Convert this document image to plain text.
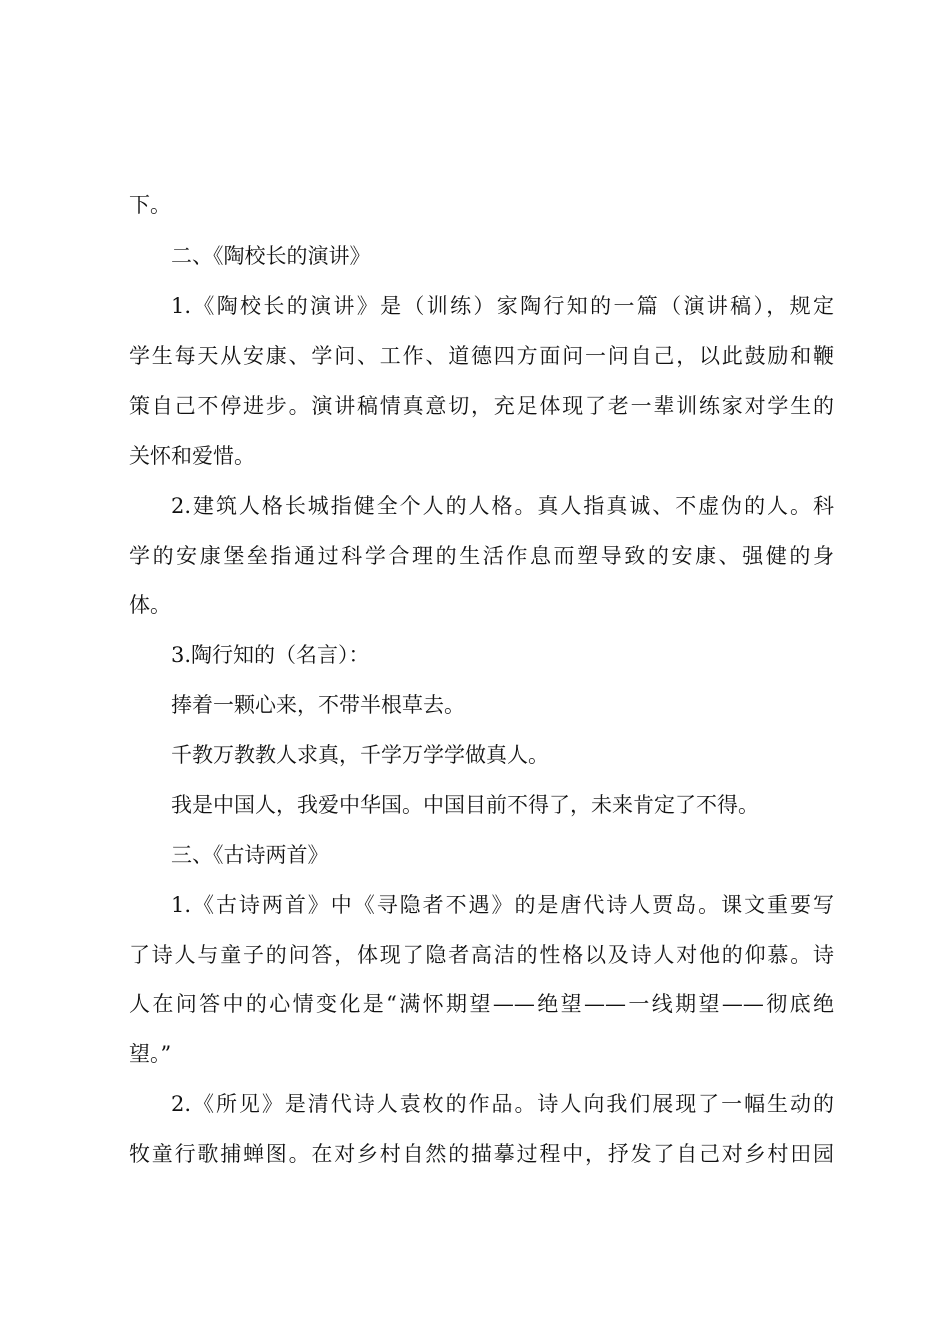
下。
二、《陶校长的演讲》
1.《陶校长的演讲》是（训练）家陶行知的一篇（演讲稿），规定
学生每天从安康、学问、工作、道德四方面问一问自己，以此鼓励和鞭
策自己不停进步。演讲稿情真意切，充足体现了老一辈训练家对学生的
关怀和爱惜。
2.建筑人格长城指健全个人的人格。真人指真诚、不虚伪的人。科
学的安康堡垒指通过科学合理的生活作息而塑导致的安康、强健的身
体。
3.陶行知的（名言）：
捧着一颗心来，不带半根草去。
千教万教教人求真，千学万学学做真人。
我是中国人，我爱中华国。中国目前不得了，未来肯定了不得。
三、《古诗两首》
1.《古诗两首》中《寻隐者不遇》的是唐代诗人贾岛。课文重要写
了诗人与童子的问答，体现了隐者高洁的性格以及诗人对他的仰慕。诗
人在问答中的心情变化是“满怀期望——绝望——一线期望——彻底绝
望。”
2.《所见》是清代诗人袁枚的作品。诗人向我们展现了一幅生动的
牧童行歌捕蝉图。在对乡村自然的描摹过程中，抒发了自己对乡村田园
